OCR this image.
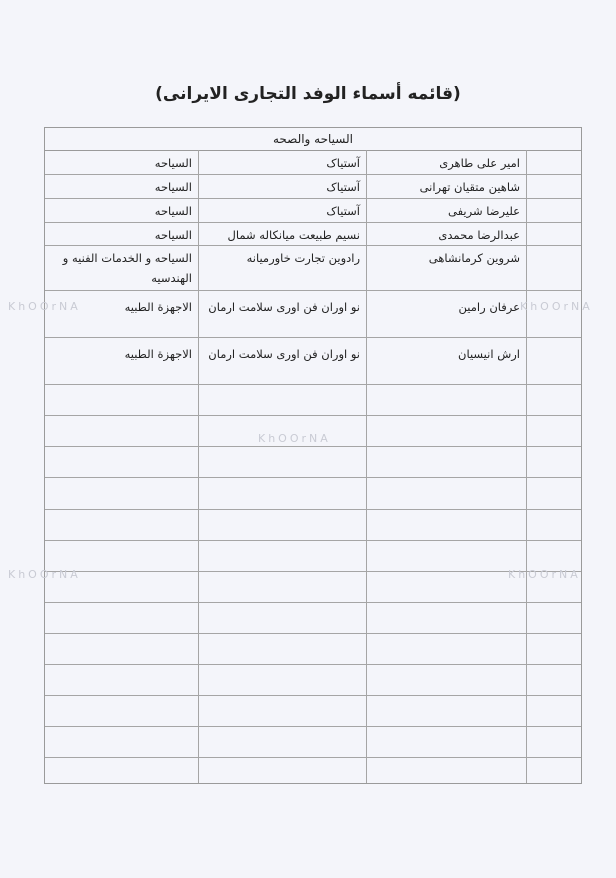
(قائمه أسماء الوفد التجاری الایرانی)
السیاحه والصحه
امیر علی طاهری
آستیاک
السیاحه
شاهین متقیان تهرانی
آستیاک
السیاحه
علیرضا شریفی
آستیاک
السیاحه
عبدالرضا محمدی
نسیم طبیعت میانکاله شمال
السیاحه
شروین کرمانشاهی
رادوین تجارت خاورمیانه
السیاحه و الخدمات الفنیه و الهندسیه
عرفان رامین
نو اوران فن اوری سلامت ارمان
الاجهزة الطبیه
ارش انیسیان
نو اوران فن اوری سلامت ارمان
الاجهزة الطبیه
KhOOrNA	KhOOrNA
KhOOrNA
KhOOrNA	KhOOrNA
